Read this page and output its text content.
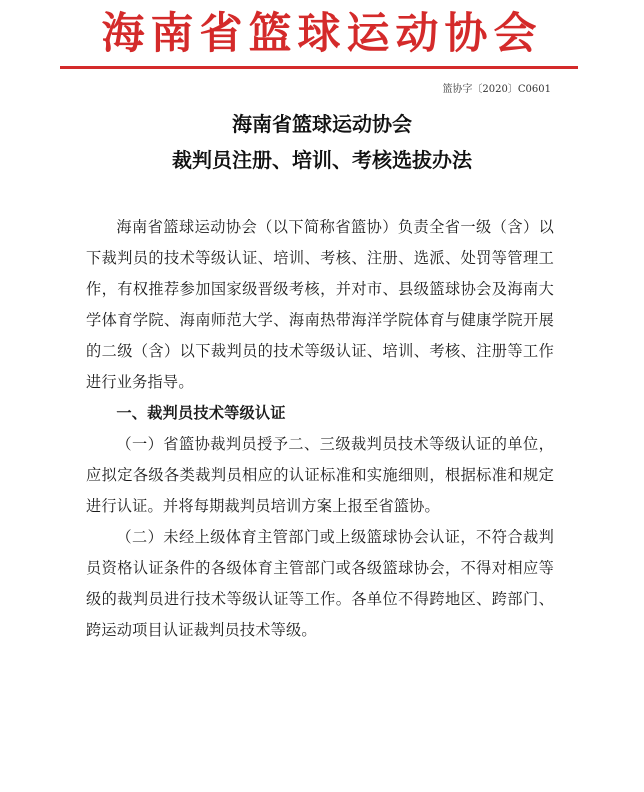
海南省篮球运动协会
篮协字〔2020〕C0601
海南省篮球运动协会
裁判员注册、培训、考核选拔办法

海南省篮球运动协会（以下简称省篮协）负责全省一级（含）以下裁判员的技术等级认证、培训、考核、注册、选派、处罚等管理工作，有权推荐参加国家级晋级考核，并对市、县级篮球协会及海南大学体育学院、海南师范大学、海南热带海洋学院体育与健康学院开展的二级（含）以下裁判员的技术等级认证、培训、考核、注册等工作进行业务指导。

一、裁判员技术等级认证

（一）省篮协裁判员授予二、三级裁判员技术等级认证的单位，应拟定各级各类裁判员相应的认证标准和实施细则，根据标准和规定进行认证。并将每期裁判员培训方案上报至省篮协。

（二）未经上级体育主管部门或上级篮球协会认证，不符合裁判员资格认证条件的各级体育主管部门或各级篮球协会，不得对相应等级的裁判员进行技术等级认证等工作。各单位不得跨地区、跨部门、跨运动项目认证裁判员技术等级。
